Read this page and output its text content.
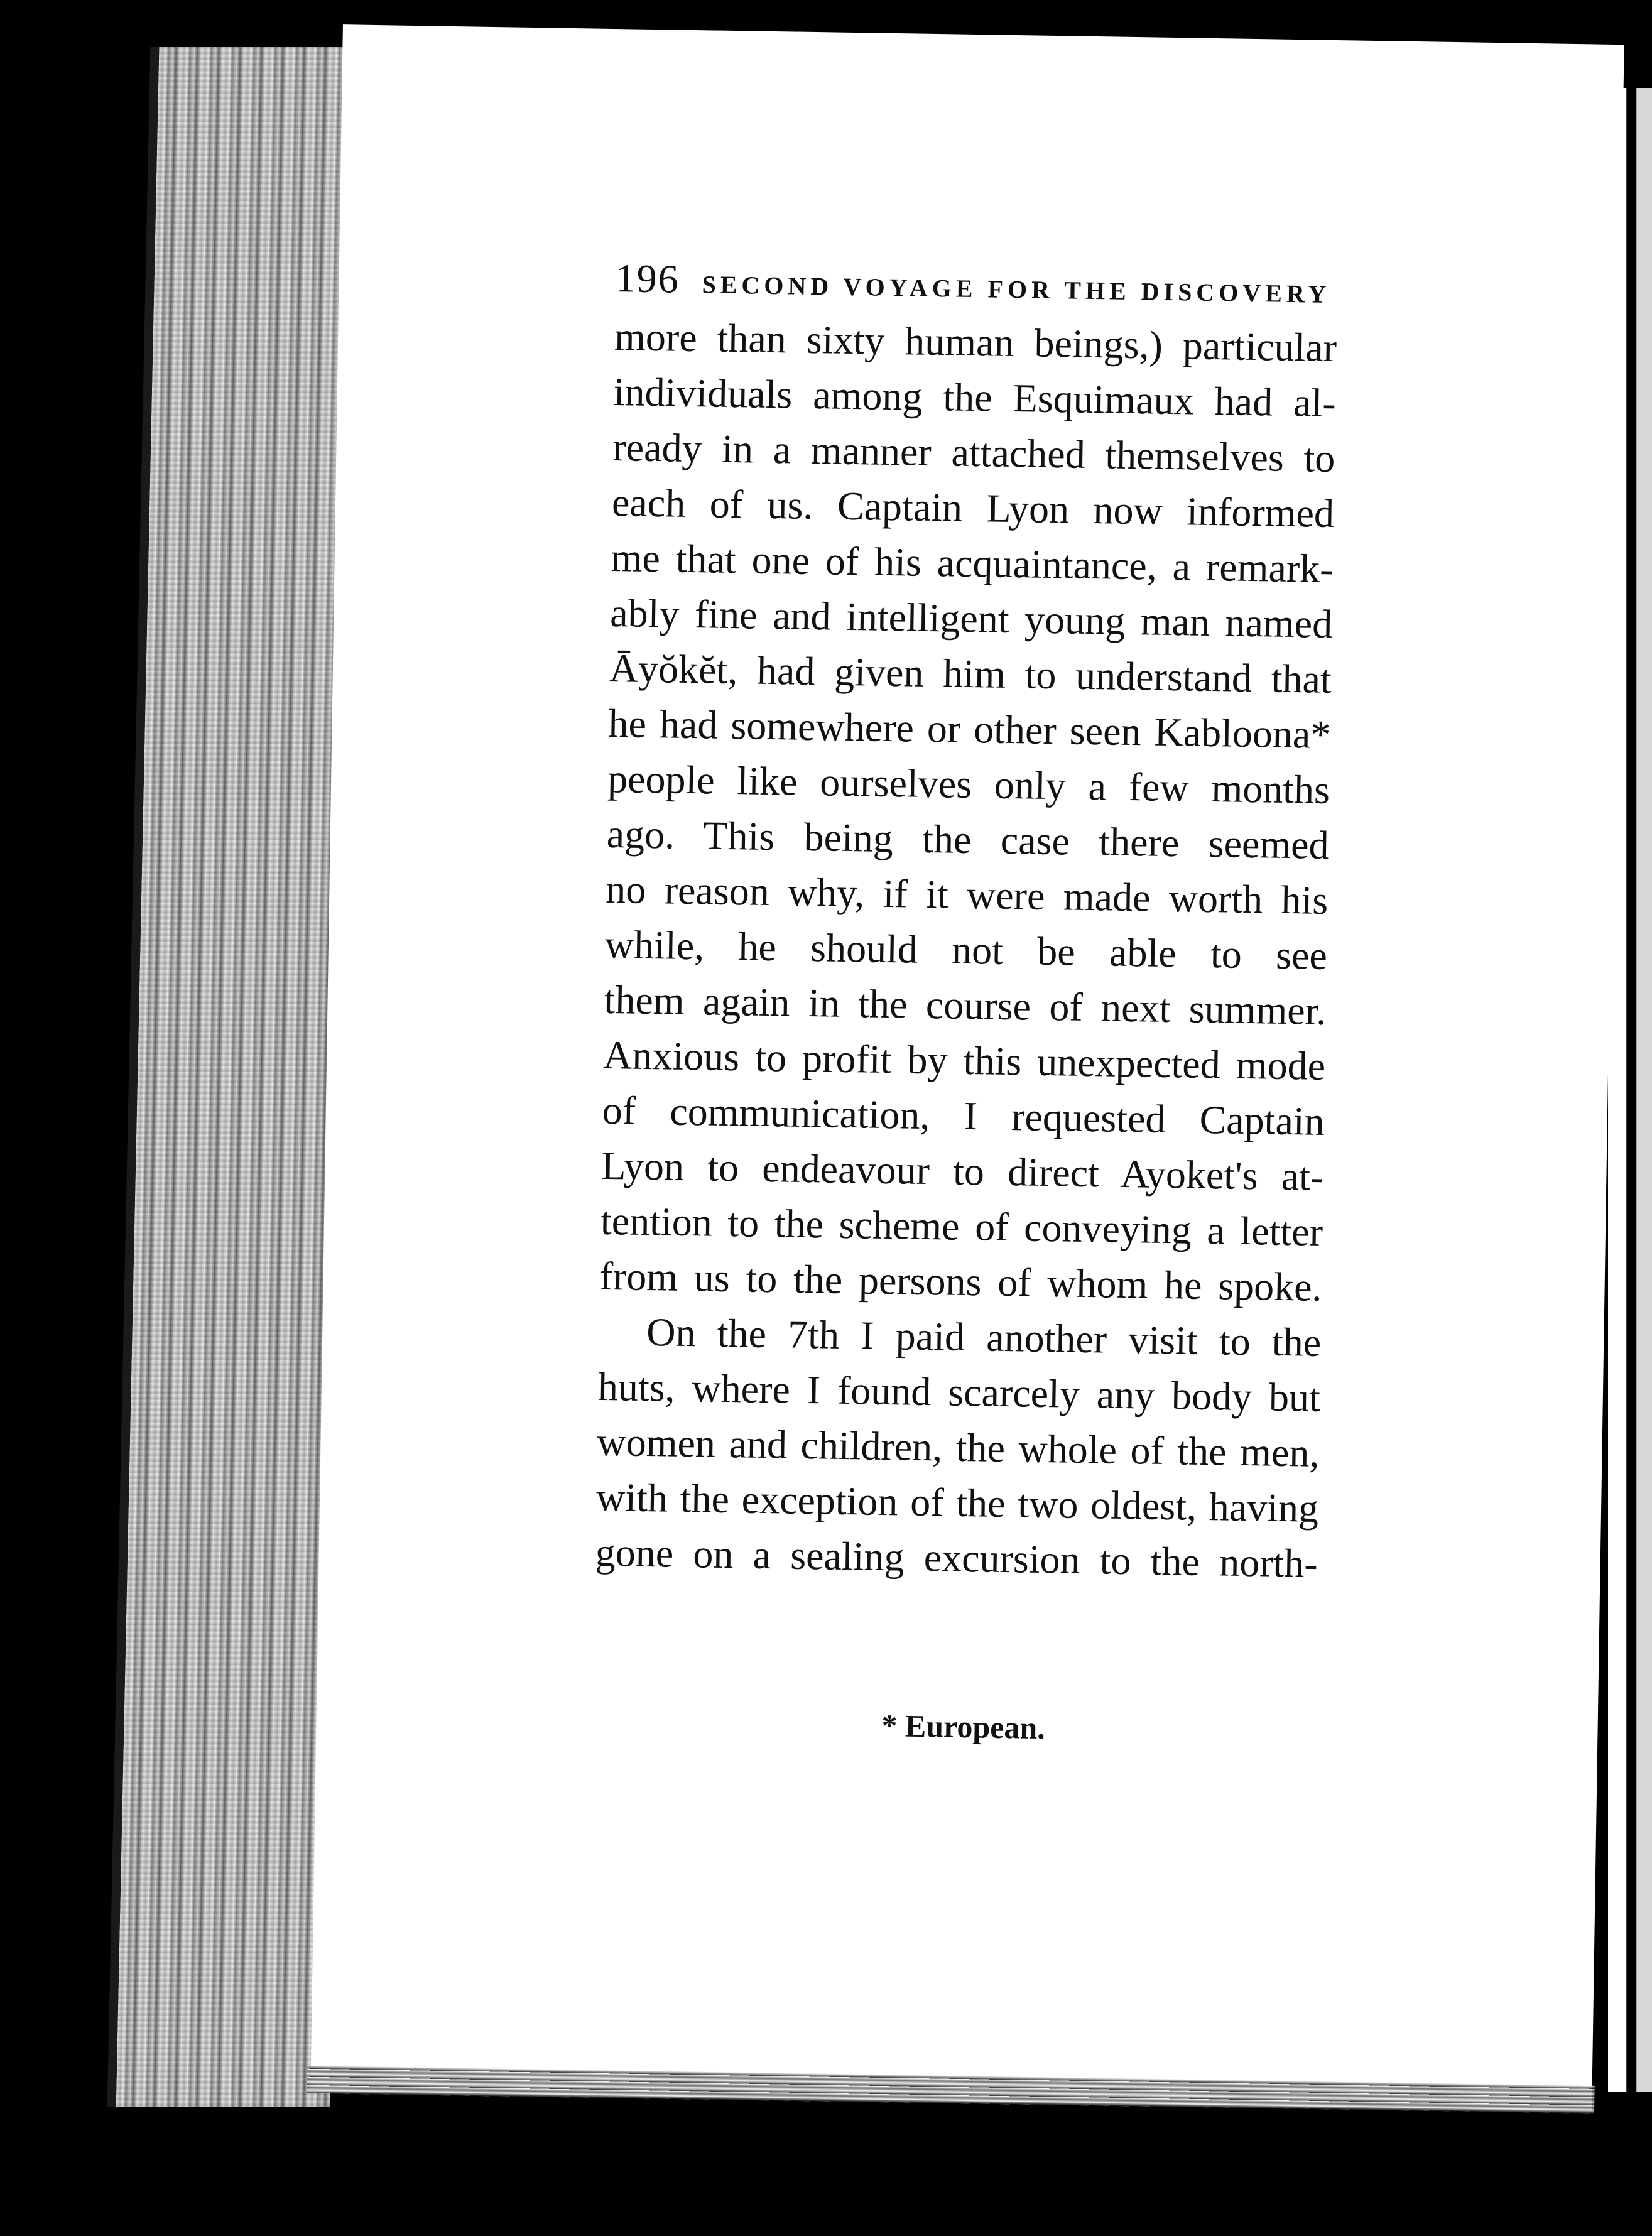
196 SECOND VOYAGE FOR THE DISCOVERY
more than sixty human beings,) particular
individuals among the Esquimaux had al-
ready in a manner attached themselves to
each of us. Captain Lyon now informed
me that one of his acquaintance, a remark-
ably fine and intelligent young man named
Āyŏkĕt, had given him to understand that
he had somewhere or other seen Kabloona*
people like ourselves only a few months
ago. This being the case there seemed
no reason why, if it were made worth his
while, he should not be able to see
them again in the course of next summer.
Anxious to profit by this unexpected mode
of communication, I requested Captain
Lyon to endeavour to direct Ayoket's at-
tention to the scheme of conveying a letter
from us to the persons of whom he spoke.
On the 7th I paid another visit to the
huts, where I found scarcely any body but
women and children, the whole of the men,
with the exception of the two oldest, having
gone on a sealing excursion to the north-
* European.
